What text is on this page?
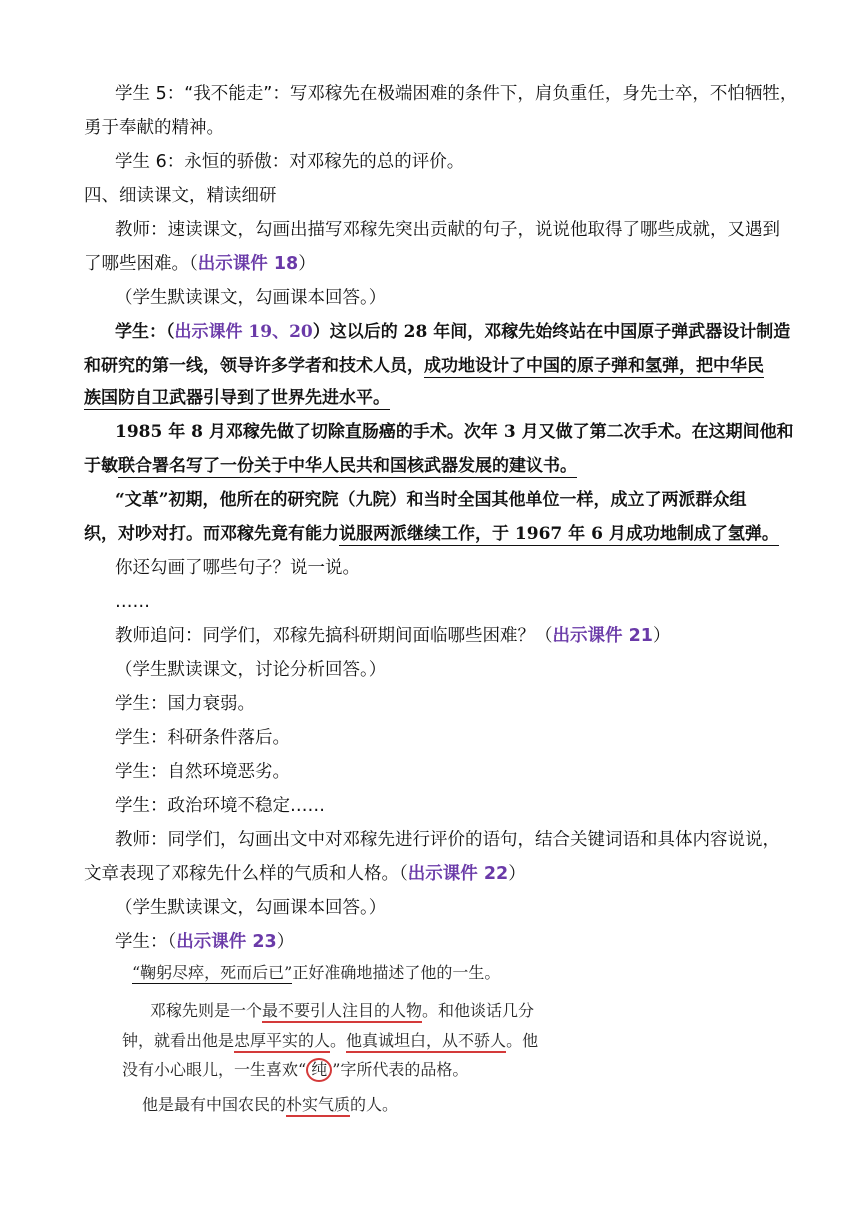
学生 5：“我不能走”：写邓稼先在极端困难的条件下，肩负重任，身先士卒，不怕牺牲，
勇于奉献的精神。
学生 6：永恒的骄傲：对邓稼先的总的评价。
四、细读课文，精读细研
教师：速读课文，勾画出描写邓稼先突出贡献的句子，说说他取得了哪些成就，又遇到
了哪些困难。（出示课件 18）
（学生默读课文，勾画课本回答。）
学生：（出示课件 19、20）这以后的 28 年间，邓稼先始终站在中国原子弹武器设计制造
和研究的第一线，领导许多学者和技术人员，成功地设计了中国的原子弹和氢弹，把中华民
族国防自卫武器引导到了世界先进水平。
1985 年 8 月邓稼先做了切除直肠癌的手术。次年 3 月又做了第二次手术。在这期间他和
于敏联合署名写了一份关于中华人民共和国核武器发展的建议书。
“文革”初期，他所在的研究院（九院）和当时全国其他单位一样，成立了两派群众组
织，对吵对打。而邓稼先竟有能力说服两派继续工作，于 1967 年 6 月成功地制成了氢弹。
你还勾画了哪些句子？说一说。
……
教师追问：同学们，邓稼先搞科研期间面临哪些困难？（出示课件 21）
（学生默读课文，讨论分析回答。）
学生：国力衰弱。
学生：科研条件落后。
学生：自然环境恶劣。
学生：政治环境不稳定……
教师：同学们，勾画出文中对邓稼先进行评价的语句，结合关键词语和具体内容说说，
文章表现了邓稼先什么样的气质和人格。（出示课件 22）
（学生默读课文，勾画课本回答。）
学生：（出示课件 23）
“鞠躬尽瘁，死而后已”正好准确地描述了他的一生。
邓稼先则是一个最不要引人注目的人物。和他谈话几分
钟，就看出他是忠厚平实的人。他真诚坦白，从不骄人。他
没有小心眼儿，一生喜欢“ 纯 ”字所代表的品格。
他是最有中国农民的朴实气质的人。
